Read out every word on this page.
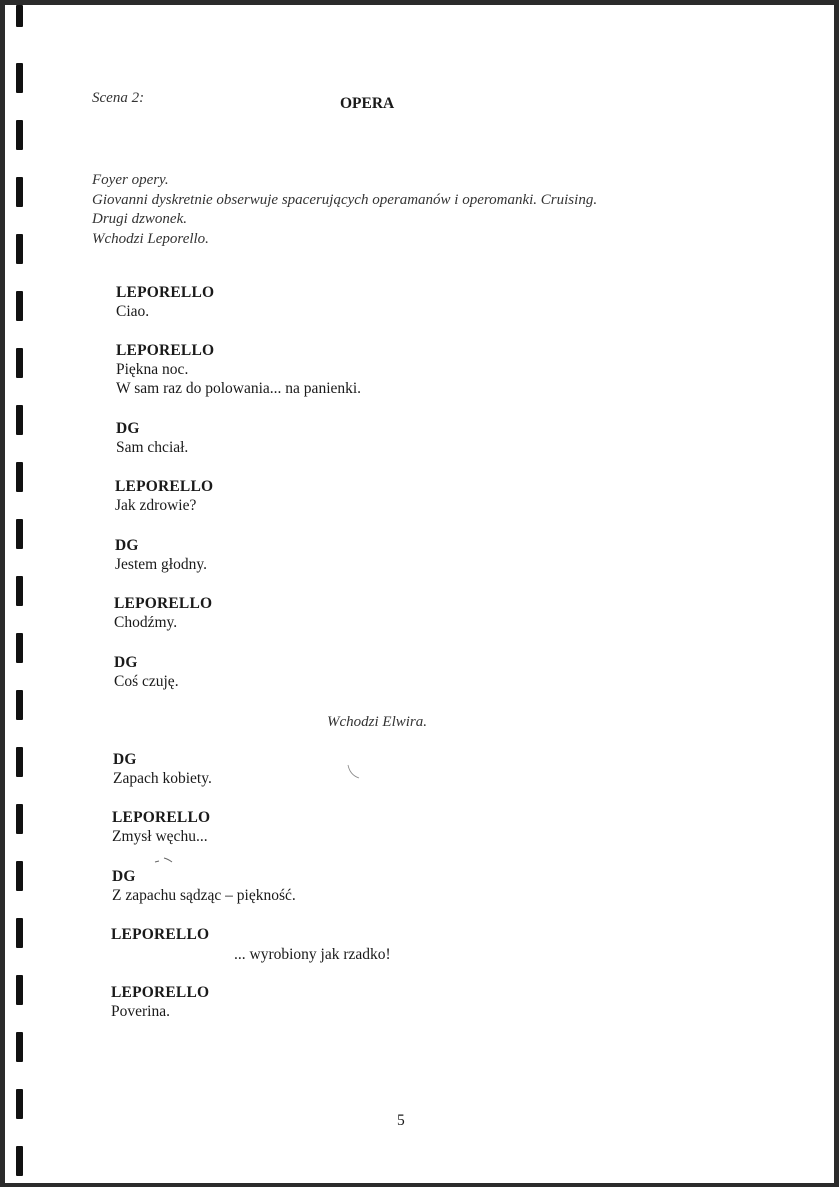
Scena 2:	OPERA
Foyer opery.
Giovanni dyskretnie obserwuje spacerujących operamanów i operomanki. Cruising.
Drugi dzwonek.
Wchodzi Leporello.
LEPORELLO
Ciao.
LEPORELLO
Piękna noc.
W sam raz do polowania... na panienki.
DG
Sam chciał.
LEPORELLO
Jak zdrowie?
DG
Jestem głodny.
LEPORELLO
Chodźmy.
DG
Coś czuję.
Wchodzi Elwira.
DG
Zapach kobiety.
LEPORELLO
Zmysł węchu...
DG
Z zapachu sądząc – piękność.
LEPORELLO
... wyrobiony jak rzadko!
LEPORELLO
Poverina.
5
